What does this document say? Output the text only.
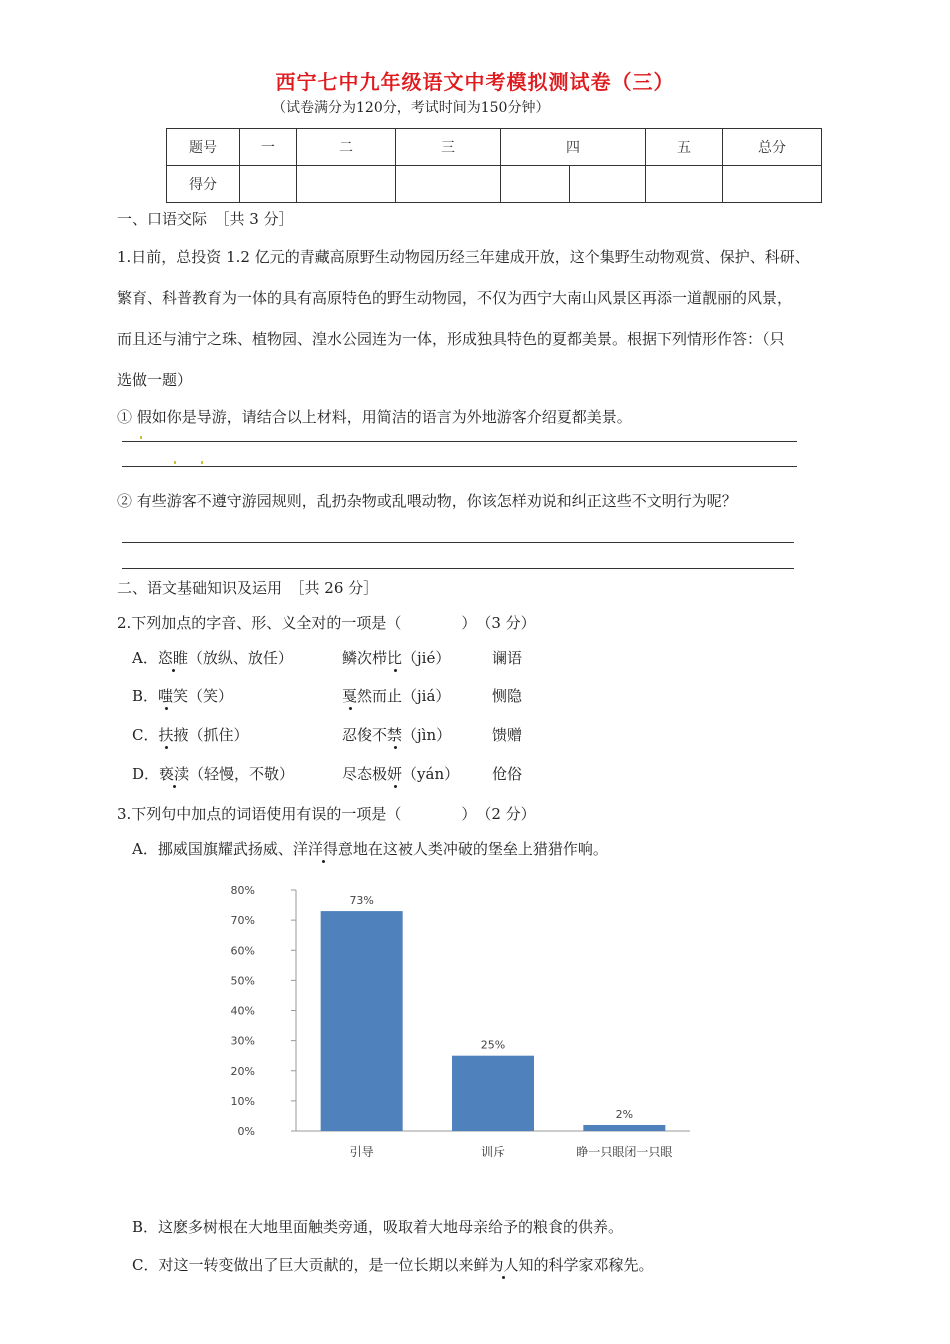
西宁七中九年级语文中考模拟测试卷（三）
（试卷满分为120分，考试时间为150分钟）
题号	一	二	三	四		五	总分
得分							
一、口语交际　［共 3 分］
1.日前，总投资 1.2 亿元的青藏高原野生动物园历经三年建成开放，这个集野生动物观赏、保护、科研、
繁育、科普教育为一体的具有高原特色的野生动物园，不仅为西宁大南山风景区再添一道靓丽的风景，
而且还与浦宁之珠、植物园、湟水公园连为一体，形成独具特色的夏都美景。根据下列情形作答：（只
选做一题）
① 假如你是导游，请结合以上材料，用简洁的语言为外地游客介绍夏都美景。
② 有些游客不遵守游园规则，乱扔杂物或乱喂动物，你该怎样劝说和纠正这些不文明行为呢？
二、语文基础知识及运用　［共 26 分］
2.下列加点的字音、形、义全对的一项是（　　　　）　（3 分）
A．恣睢（放纵、放任）	鳞次栉比（jié）	谰语
B．嗤笑（笑）	戛然而止（jiá）	恻隐
C．扶掖（抓住）	忍俊不禁（jìn）	馈赠
D．亵渎（轻慢，不敬）	尽态极妍（yán） 伧俗
3.下列句中加点的词语使用有误的一项是（　　　　）　（2 分）
A．挪威国旗耀武扬威、洋洋得意地在这被人类冲破的堡垒上猎猎作响。
0%
10%
20%
30%
40%
50%
60%
70%
80%
73%
引导
25%
训斥
2%
睁一只眼闭一只眼
B．这麽多树根在大地里面触类旁通，吸取着大地母亲给予的粮食的供养。
C．对这一转变做出了巨大贡献的，是一位长期以来鲜为人知的科学家邓稼先。
